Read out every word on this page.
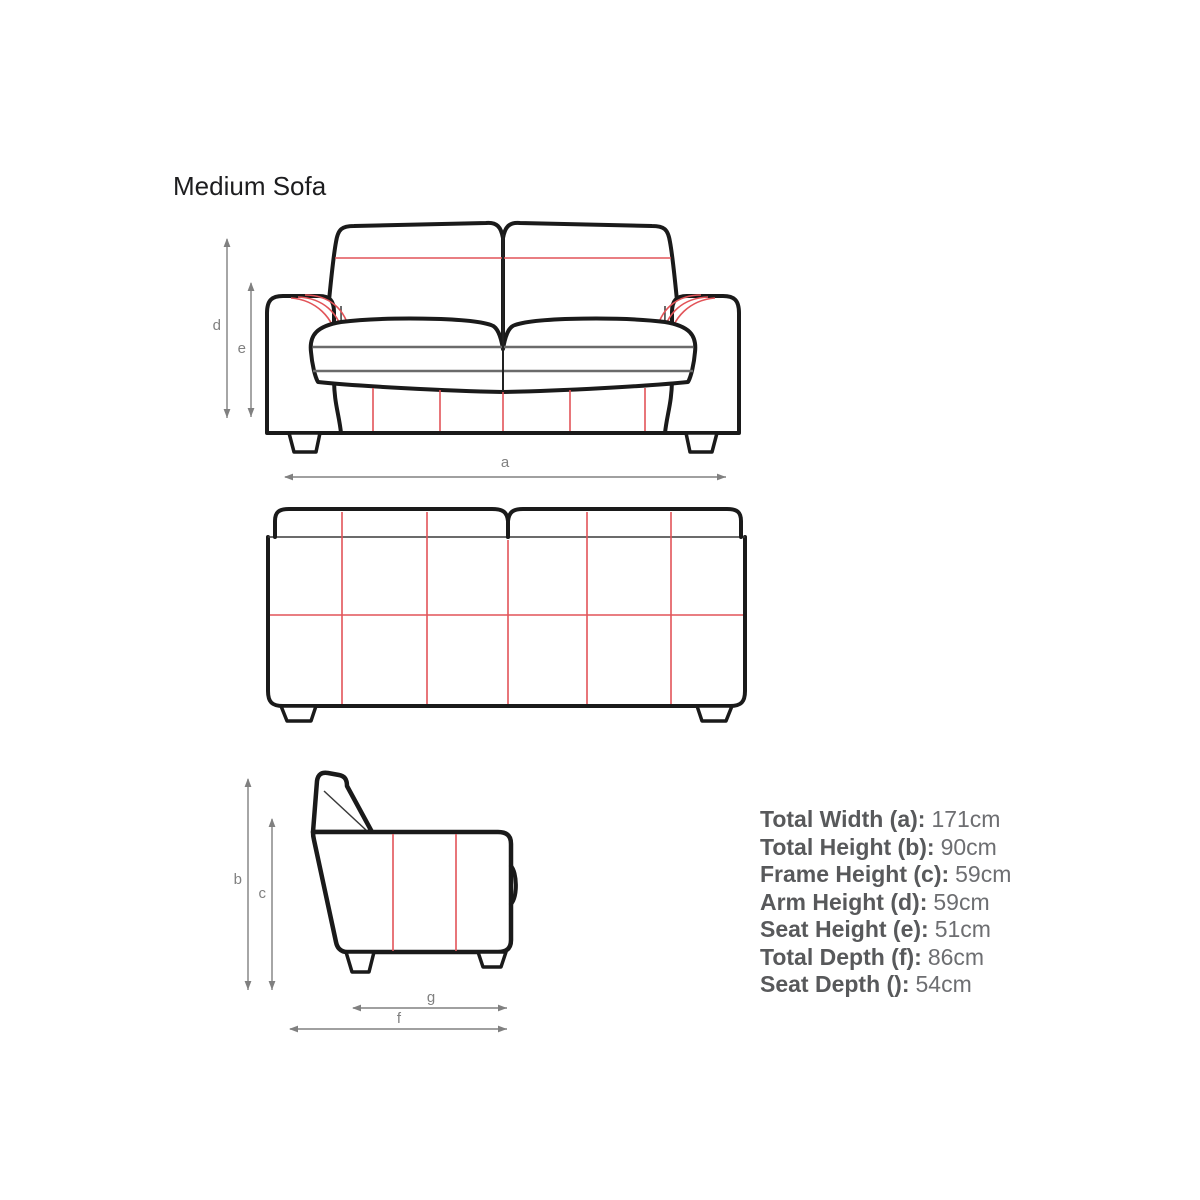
Medium Sofa
d
e
a
b
c
g
f
Total Width (a): 171cm
Total Height (b): 90cm
Frame Height (c): 59cm
Arm Height (d): 59cm
Seat Height (e): 51cm
Total Depth (f): 86cm
Seat Depth (): 54cm
